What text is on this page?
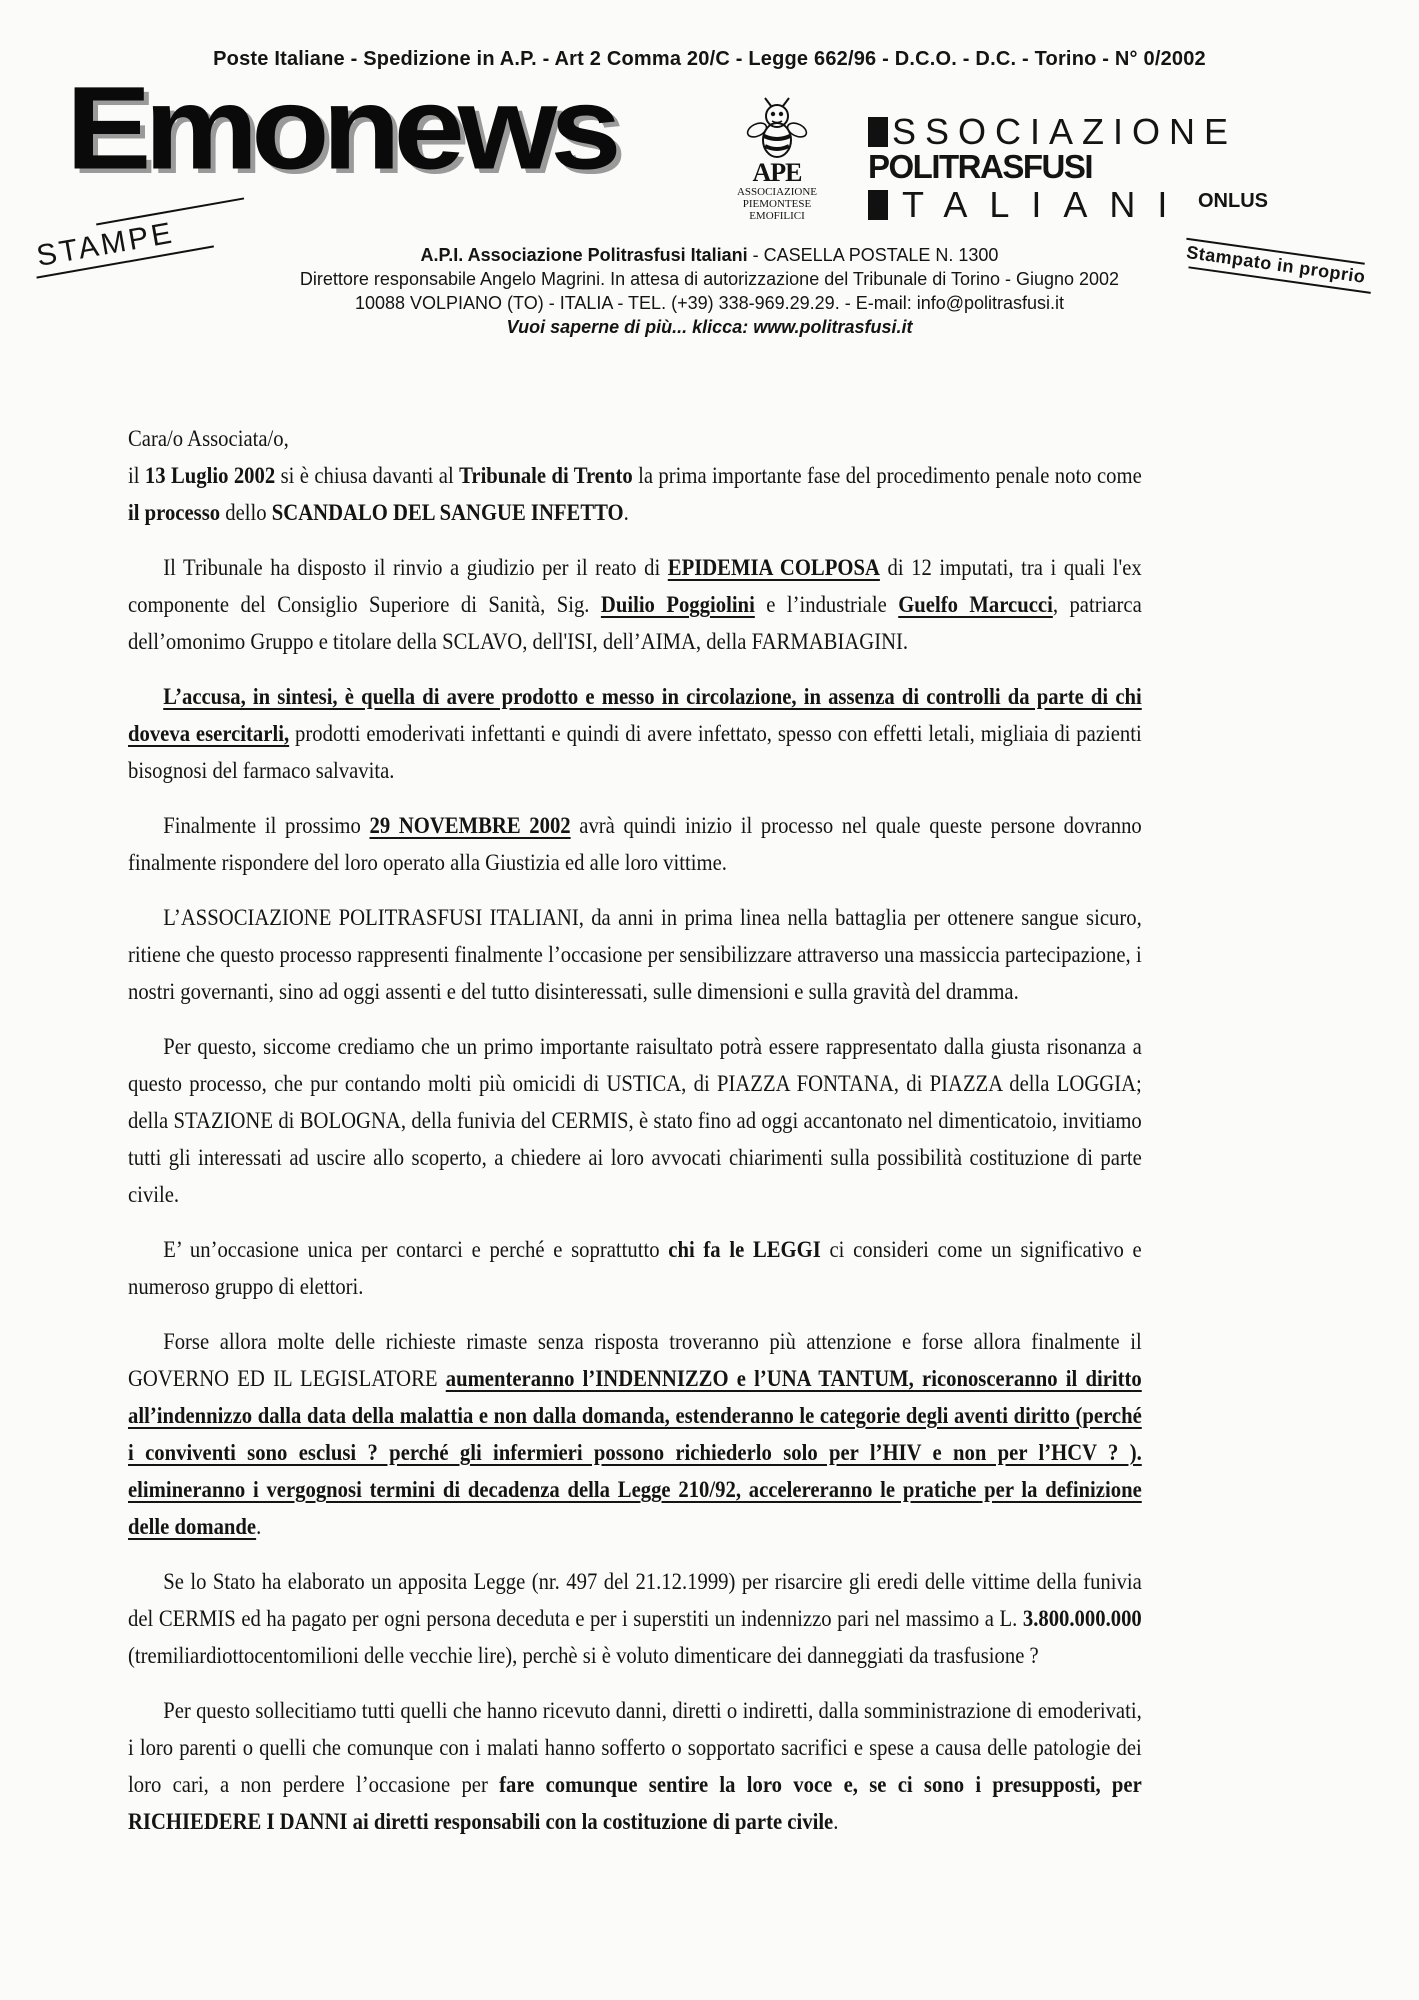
Poste Italiane - Spedizione in A.P. - Art 2 Comma 20/C - Legge 662/96 - D.C.O. - D.C. - Torino - N° 0/2002
Emonews
STAMPE
APE
ASSOCIAZIONE
PIEMONTESE
EMOFILICI
SSOCIAZIONE
POLITRASFUSI
TALIANI ONLUS
Stampato in proprio
A.P.I. Associazione Politrasfusi Italiani - CASELLA POSTALE N. 1300
Direttore responsabile Angelo Magrini. In attesa di autorizzazione del Tribunale di Torino - Giugno 2002
10088 VOLPIANO (TO) - ITALIA - TEL. (+39) 338-969.29.29. - E-mail: info@politrasfusi.it
Vuoi saperne di più... klicca: www.politrasfusi.it

Cara/o Associata/o,

il 13 Luglio 2002 si è chiusa davanti al Tribunale di Trento la prima importante fase del procedimento penale noto come il processo dello SCANDALO DEL SANGUE INFETTO.

Il Tribunale ha disposto il rinvio a giudizio per il reato di EPIDEMIA COLPOSA di 12 imputati, tra i quali l'ex componente del Consiglio Superiore di Sanità, Sig. Duilio Poggiolini e l’industriale Guelfo Marcucci, patriarca dell’omonimo Gruppo e titolare della SCLAVO, dell'ISI, dell’AIMA, della FARMABIAGINI.

L’accusa, in sintesi, è quella di avere prodotto e messo in circolazione, in assenza di controlli da parte di chi doveva esercitarli, prodotti emoderivati infettanti e quindi di avere infettato, spesso con effetti letali, migliaia di pazienti bisognosi del farmaco salvavita.

Finalmente il prossimo 29 NOVEMBRE 2002 avrà quindi inizio il processo nel quale queste persone dovranno finalmente rispondere del loro operato alla Giustizia ed alle loro vittime.

L’ASSOCIAZIONE POLITRASFUSI ITALIANI, da anni in prima linea nella battaglia per ottenere sangue sicuro, ritiene che questo processo rappresenti finalmente l’occasione per sensibilizzare attraverso una massiccia partecipazione, i nostri governanti, sino ad oggi assenti e del tutto disinteressati, sulle dimensioni e sulla gravità del dramma.

Per questo, siccome crediamo che un primo importante raisultato potrà essere rappresentato dalla giusta risonanza a questo processo, che pur contando molti più omicidi di USTICA, di PIAZZA FONTANA, di PIAZZA della LOGGIA; della STAZIONE di BOLOGNA, della funivia del CERMIS, è stato fino ad oggi accantonato nel dimenticatoio, invitiamo tutti gli interessati ad uscire allo scoperto, a chiedere ai loro avvocati chiarimenti sulla possibilità costituzione di parte civile.

E’ un’occasione unica per contarci e perché e soprattutto chi fa le LEGGI ci consideri come un significativo e numeroso gruppo di elettori.

Forse allora molte delle richieste rimaste senza risposta troveranno più attenzione e forse allora finalmente il GOVERNO ED IL LEGISLATORE aumenteranno l’INDENNIZZO e l’UNA TANTUM, riconosceranno il diritto all’indennizzo dalla data della malattia e non dalla domanda, estenderanno le categorie degli aventi diritto (perché i conviventi sono esclusi ? perché gli infermieri possono richiederlo solo per l’HIV e non per l’HCV ? ). elimineranno i vergognosi termini di decadenza della Legge 210/92, accelereranno le pratiche per la definizione delle domande.

Se lo Stato ha elaborato un apposita Legge (nr. 497 del 21.12.1999) per risarcire gli eredi delle vittime della funivia del CERMIS ed ha pagato per ogni persona deceduta e per i superstiti un indennizzo pari nel massimo a L. 3.800.000.000 (tremiliardiottocentomilioni delle vecchie lire), perchè si è voluto dimenticare dei danneggiati da trasfusione ?

Per questo sollecitiamo tutti quelli che hanno ricevuto danni, diretti o indiretti, dalla somministrazione di emoderivati, i loro parenti o quelli che comunque con i malati hanno sofferto o sopportato sacrifici e spese a causa delle patologie dei loro cari, a non perdere l’occasione per fare comunque sentire la loro voce e, se ci sono i presupposti, per RICHIEDERE I DANNI ai diretti responsabili con la costituzione di parte civile.
